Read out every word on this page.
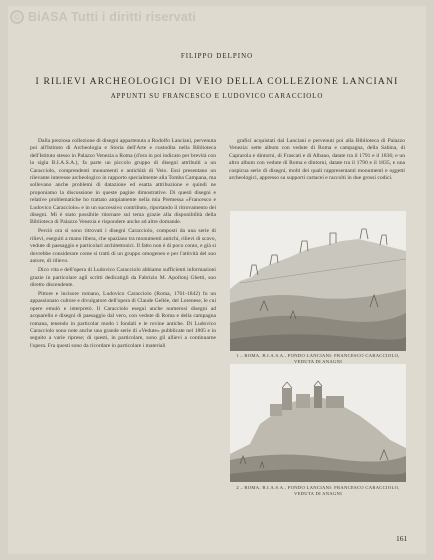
© BiASA Tutti i diritti riservati
FILIPPO DELPINO
I RILIEVI ARCHEOLOGICI DI VEIO DELLA COLLEZIONE LANCIANI
APPUNTI SU FRANCESCO E LUDOVICO CARACCIOLO

Dalla preziosa collezione di disegni appartenuta a Rodolfo Lanciani, pervenuta poi all'Istituto di Archeologia e Storia dell'Arte e custodita nella Biblioteca dell'Istituto stesso in Palazzo Venezia a Roma (d'ora in poi indicato per brevità con la sigla B.I.A.S.A.), fa parte un piccolo gruppo di disegni attribuiti a un Caracciolo, comprendenti monumenti e antichità di Veio. Essi presentano un rilevante interesse archeologico in rapporto specialmente alla Tomba Campana, ma sollevano anche problemi di datazione ed esatta attribuzione e quindi ne proponiamo la discussione in queste pagine dimostrative. Di questi disegni e relative problematiche ho trattato ampiamente nella mia Premessa «Francesco e Ludovico Caracciolo» e in un successivo contributo, riportando il ritrovamento dei disegni. Mi è stato possibile ritornare sul tema grazie alla disponibilità della Biblioteca di Palazzo Venezia e rispondere anche ad altre domande.

Perciò ora si sono ritrovati i disegni Caracciolo, composti da una serie di rilievi, eseguiti a mano libera, che spaziano tra monumenti antichi, rilievi di scavo, vedute di paesaggio e particolari architettonici. Il fatto non è di poco conto, e già si dovrebbe considerare come si tratti di un gruppo omogeneo e per l'attività del suo autore, di rilievo.

Dico vita e dell'opera di Ludovico Caracciolo abbiamo sufficienti informazioni grazie in particolare agli scritti dedicatigli da Fabrizio M. Apollonj Ghetti, suo diretto discendente.

Pittore e incisore romano, Ludovico Caracciolo (Roma, 1761-1842) fu un appassionato cultore e divulgatore dell'opera di Claude Gellée, del Lorenese, le cui opere emulò e interpretò. Il Caracciolo eseguì anche numerosi disegni ad acquarello e disegni di paesaggio dal vero, con vedute di Roma e della campagna romana, tenendo in particolar modo i fondali e le rovine antiche. Di Ludovico Caracciolo sono note anche una grande serie di «Vedute» pubblicate nel 1805 e in seguito a varie riprese; di questi, in particolare, sono gli allievi a continuarne l'opera. Fra questi sono da ricordare in particolare i materiali

grafici acquistati dal Lanciani e pervenuti poi alla Biblioteca di Palazzo Venezia: sette album con vedute di Roma e campagna, della Sabina, di Caprarola e dintorni, di Frascati e di Albano, datate tra il 1791 e il 1836; e un altro album con vedute di Roma e dintorni, datate tra il 1790 e il 1835, e una cospicua serie di disegni, molti dei quali rappresentanti monumenti e oggetti archeologici, appresso su supporti cartacei e raccolti in due grossi codici.

1 – ROMA, B.I.A.S.A., FONDO LANCIANI: FRANCESCO CARACCIOLO, VEDUTA DI ANAGNI
2 – ROMA, B.I.A.S.A., FONDO LANCIANI: FRANCESCO CARACCIOLO, VEDUTA DI ANAGNI
161
